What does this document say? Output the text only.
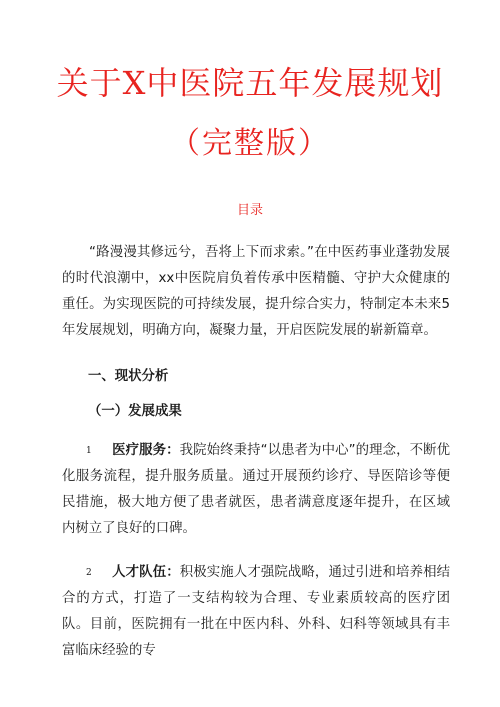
关于X中医院五年发展规划
（完整版）
目录

“路漫漫其修远兮，吾将上下而求索。”在中医药事业蓬勃发展的时代浪潮中，xx中医院肩负着传承中医精髓、守护大众健康的重任。为实现医院的可持续发展，提升综合实力，特制定本未来5年发展规划，明确方向，凝聚力量，开启医院发展的崭新篇章。

一、现状分析
（一）发展成果

1 医疗服务：我院始终秉持“以患者为中心”的理念，不断优化服务流程，提升服务质量。通过开展预约诊疗、导医陪诊等便民措施，极大地方便了患者就医，患者满意度逐年提升，在区域内树立了良好的口碑。

2 人才队伍：积极实施人才强院战略，通过引进和培养相结合的方式，打造了一支结构较为合理、专业素质较高的医疗团队。目前，医院拥有一批在中医内科、外科、妇科等领域具有丰富临床经验的专
